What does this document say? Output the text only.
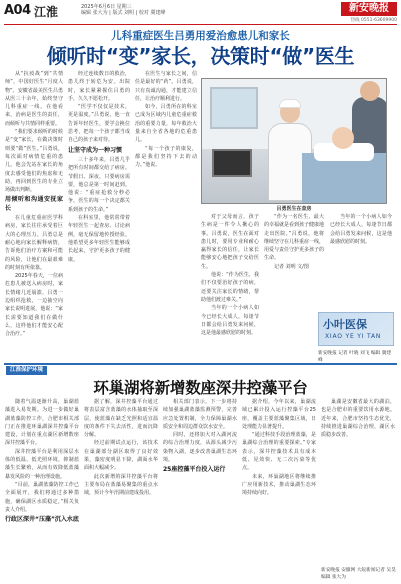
A04 江淮	2025年6月6日 星期三
编辑 张大为 | 版式 刘明 | 校对 冀建峰	新安晚报
热线 0551-63609900
儿科重症医生吕勇用爱治愈患儿和家长
倾听时“变”家长，决策时“做”医生

从“抗疫战”到“共情师”，中国好医生“月度人物”、安徽省最美医生吕勇从医三十余年，始终坚守儿科重症一线。在他看来，治病是医生的责任，而倾听与共情同样重要。

“我们要求倾听的时候是“变”家长，在做决策时则要“做”医生。”吕勇说，每次面对病情危重的患儿，他会先站在家长的角度去感受他们的焦虑和无助，再回到医生的专业立场做出判断。

用倾听和沟通安抚家长

在儿童危重症医学科病房，家长往往承受着巨大的心理压力。吕勇总是耐心地向家长解释病情，告诉他们治疗方案和可能的风险，让他们在最艰难的时刻有所依靠。

2025年春天，一位病危患儿被送入病房时，家长情绪几近崩溃。吕勇一边组织抢救，一边抽空向家长说明进展，他说：“家长需要知道我们在做什么，这样他们才能安心配合治疗。”

经过连续数日的救治，患儿终于转危为安。出院时，家长紧紧握住吕勇的手，久久不愿松开。

“医学不仅仅是技术，更是温度。”吕勇说，他一直告诉年轻医生，要学会换位思考，把每一个孩子都当成自己的孩子来对待。

让坚守成为一种习惯

三十多年来，吕勇几乎把所有时间都交给了病房。节假日、深夜，只要病房需要，他总是第一时间赶到。他说：“重症抢救分秒必争，医生的每一个决定都关系到孩子的生命。”

在科室里，他常常带着年轻医生一起查房、讨论病例，毫无保留地传授经验。他希望更多年轻医生能够成长起来，守护更多孩子的健康。

在医生与家长之间，信任是最好的“药”。吕勇说，只有真诚沟通，才能建立信任，让治疗顺利进行。

如今，吕勇所在的科室已成为区域内儿童危重症救治的重要力量，每年救治大量来自全省各地的危重患儿。

“每一个孩子的康复，都是我们坚持下去的动力。”他说。

吕勇医生在查房

对于父母而言，孩子生病是一件令人揪心的事。吕勇说，医生在面对患儿时，要用专业和耐心赢得家长的信任，让家长能够安心地把孩子交给医生。

他说：“作为医生，我们不仅要治好孩子的病，还要关注家长的情绪，帮助他们渡过难关。”

当年的一个小病人如今已经长大成人，每逢节日都会给吕勇发来问候，这是他最感欣慰的时刻。

“作为一名医生，最大的幸福就是看到孩子健康地走出医院。”吕勇说，他将继续坚守在儿科重症一线，用爱与责任守护更多孩子的生命。

记者 刘明 文/图

当年的一个小病人如今已经长大成人，每逢节日都会给吕勇发来问候，这是他最感欣慰的时刻。

小叶医保
XIAO YE YI TAN
新安晚报 记者 叶晓 刘飞 编辑 冀建峰
江淮保护环境
环巢湖将新增数座深井控藻平台

随着气温逐渐升高，巢湖蓝藻进入易发期。为进一步做好巢湖蓝藻防控工作，合肥市相关部门正在推进环巢湖深井控藻平台建设，计划在重点湖区新增数座深井控藻平台。

深井控藻平台是利用深层水体的低温、低光照环境，抑制蓝藻生长繁殖，从而有效降低蓝藻暴发风险的一种治理设施。

“目前，巢湖蓝藻防控工作已全面展开，我们将通过多种措施，确保湖区水质稳定。”相关负责人介绍。

行政区深井“压藻”沉入水底

据了解，深井控藻平台通过将表层富含蓝藻的水体抽取至深层，使蓝藻在缺乏光照和适宜温度的条件下失去活性，进而沉降分解。

经过前期试点运行，该技术在巢湖部分湖区取得了良好效果，藻密度明显下降，湖面水华面积大幅减少。

此次新增的深井控藻平台将主要布局在蓝藻易聚集的重点水域，预计今年汛期前建成投用。

相关部门表示，下一步将持续加强巢湖蓝藻监测预警，完善应急处置机制，全力保障巢湖水质安全和周边群众饮水安全。

同时，还将加大对入湖河流的综合治理力度，从源头减少污染物入湖，逐步改善巢湖生态环境。

25座控藻平台投入运行

据介绍，今年以来，巢湖流域已累计投入运行控藻平台25座，覆盖主要蓝藻聚集区域，日处理能力显著提升。

“通过科技手段治理蓝藻，是巢湖综合治理的重要探索。”专家表示，深井控藻技术具有成本低、见效快、无二次污染等优点。

未来，环巢湖地区将继续推广应用新技术，推动巢湖生态环境持续向好。

巢湖是安徽省最大的湖泊，也是合肥市的重要饮用水源地。近年来，合肥市坚持生态优先，持续推进巢湖综合治理，湖区水质稳步改善。

新安晚报 安徽网 大皖新闻记者 吴昊 编辑 张大为
